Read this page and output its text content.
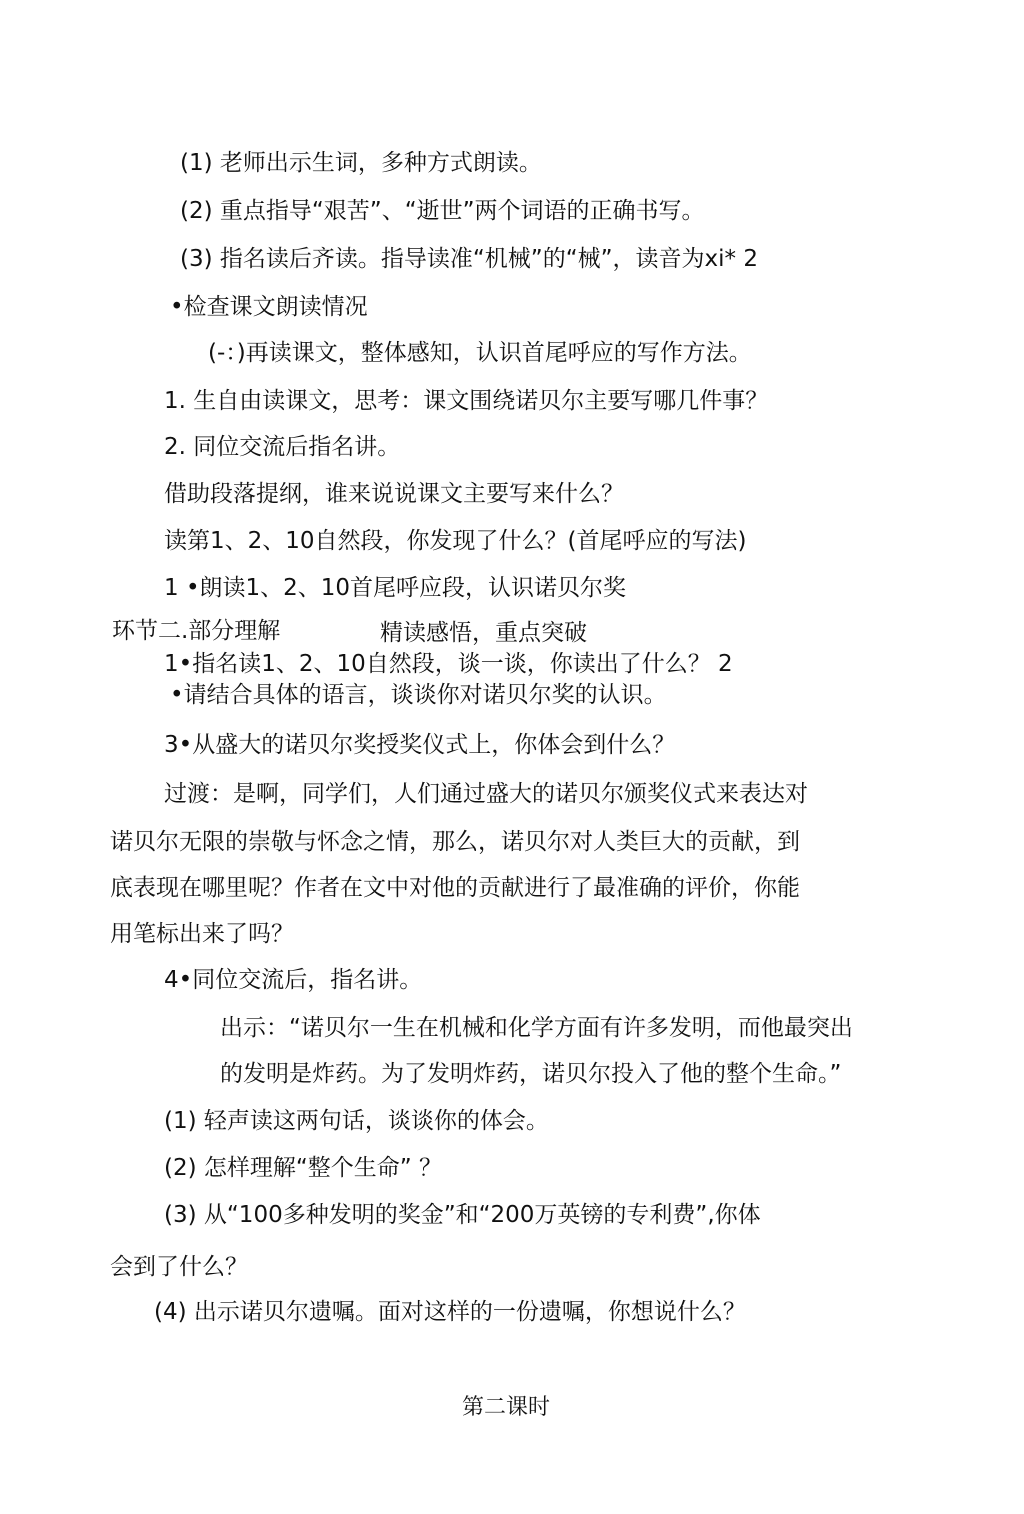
(1) 老师出示生词，多种方式朗读。
(2) 重点指导“艰苦”、“逝世”两个词语的正确书写。
(3) 指名读后齐读。指导读准“机械”的“械”，读音为xi* 2
•检查课文朗读情况
(-：)再读课文，整体感知，认识首尾呼应的写作方法。
1. 生自由读课文，思考：课文围绕诺贝尔主要写哪几件事？
2. 同位交流后指名讲。
借助段落提纲，谁来说说课文主要写来什么？
读第1、2、10自然段，你发现了什么？(首尾呼应的写法)
1 •朗读1、2、10首尾呼应段，认识诺贝尔奖
环节二.部分理解	精读感悟，重点突破
1•指名读1、2、10自然段，谈一谈，你读出了什么？ 2
•请结合具体的语言，谈谈你对诺贝尔奖的认识。
3•从盛大的诺贝尔奖授奖仪式上，你体会到什么？
过渡：是啊，同学们，人们通过盛大的诺贝尔颁奖仪式来表达对
诺贝尔无限的崇敬与怀念之情，那么，诺贝尔对人类巨大的贡献，到
底表现在哪里呢？作者在文中对他的贡献进行了最准确的评价，你能
用笔标出来了吗？
4•同位交流后，指名讲。
出示：“诺贝尔一生在机械和化学方面有许多发明，而他最突出
的发明是炸药。为了发明炸药，诺贝尔投入了他的整个生命。”
(1) 轻声读这两句话，谈谈你的体会。
(2) 怎样理解“整个生命” ？
(3) 从“100多种发明的奖金”和“200万英镑的专利费”,你体
会到了什么？
(4) 出示诺贝尔遗嘱。面对这样的一份遗嘱，你想说什么？
第二课时
